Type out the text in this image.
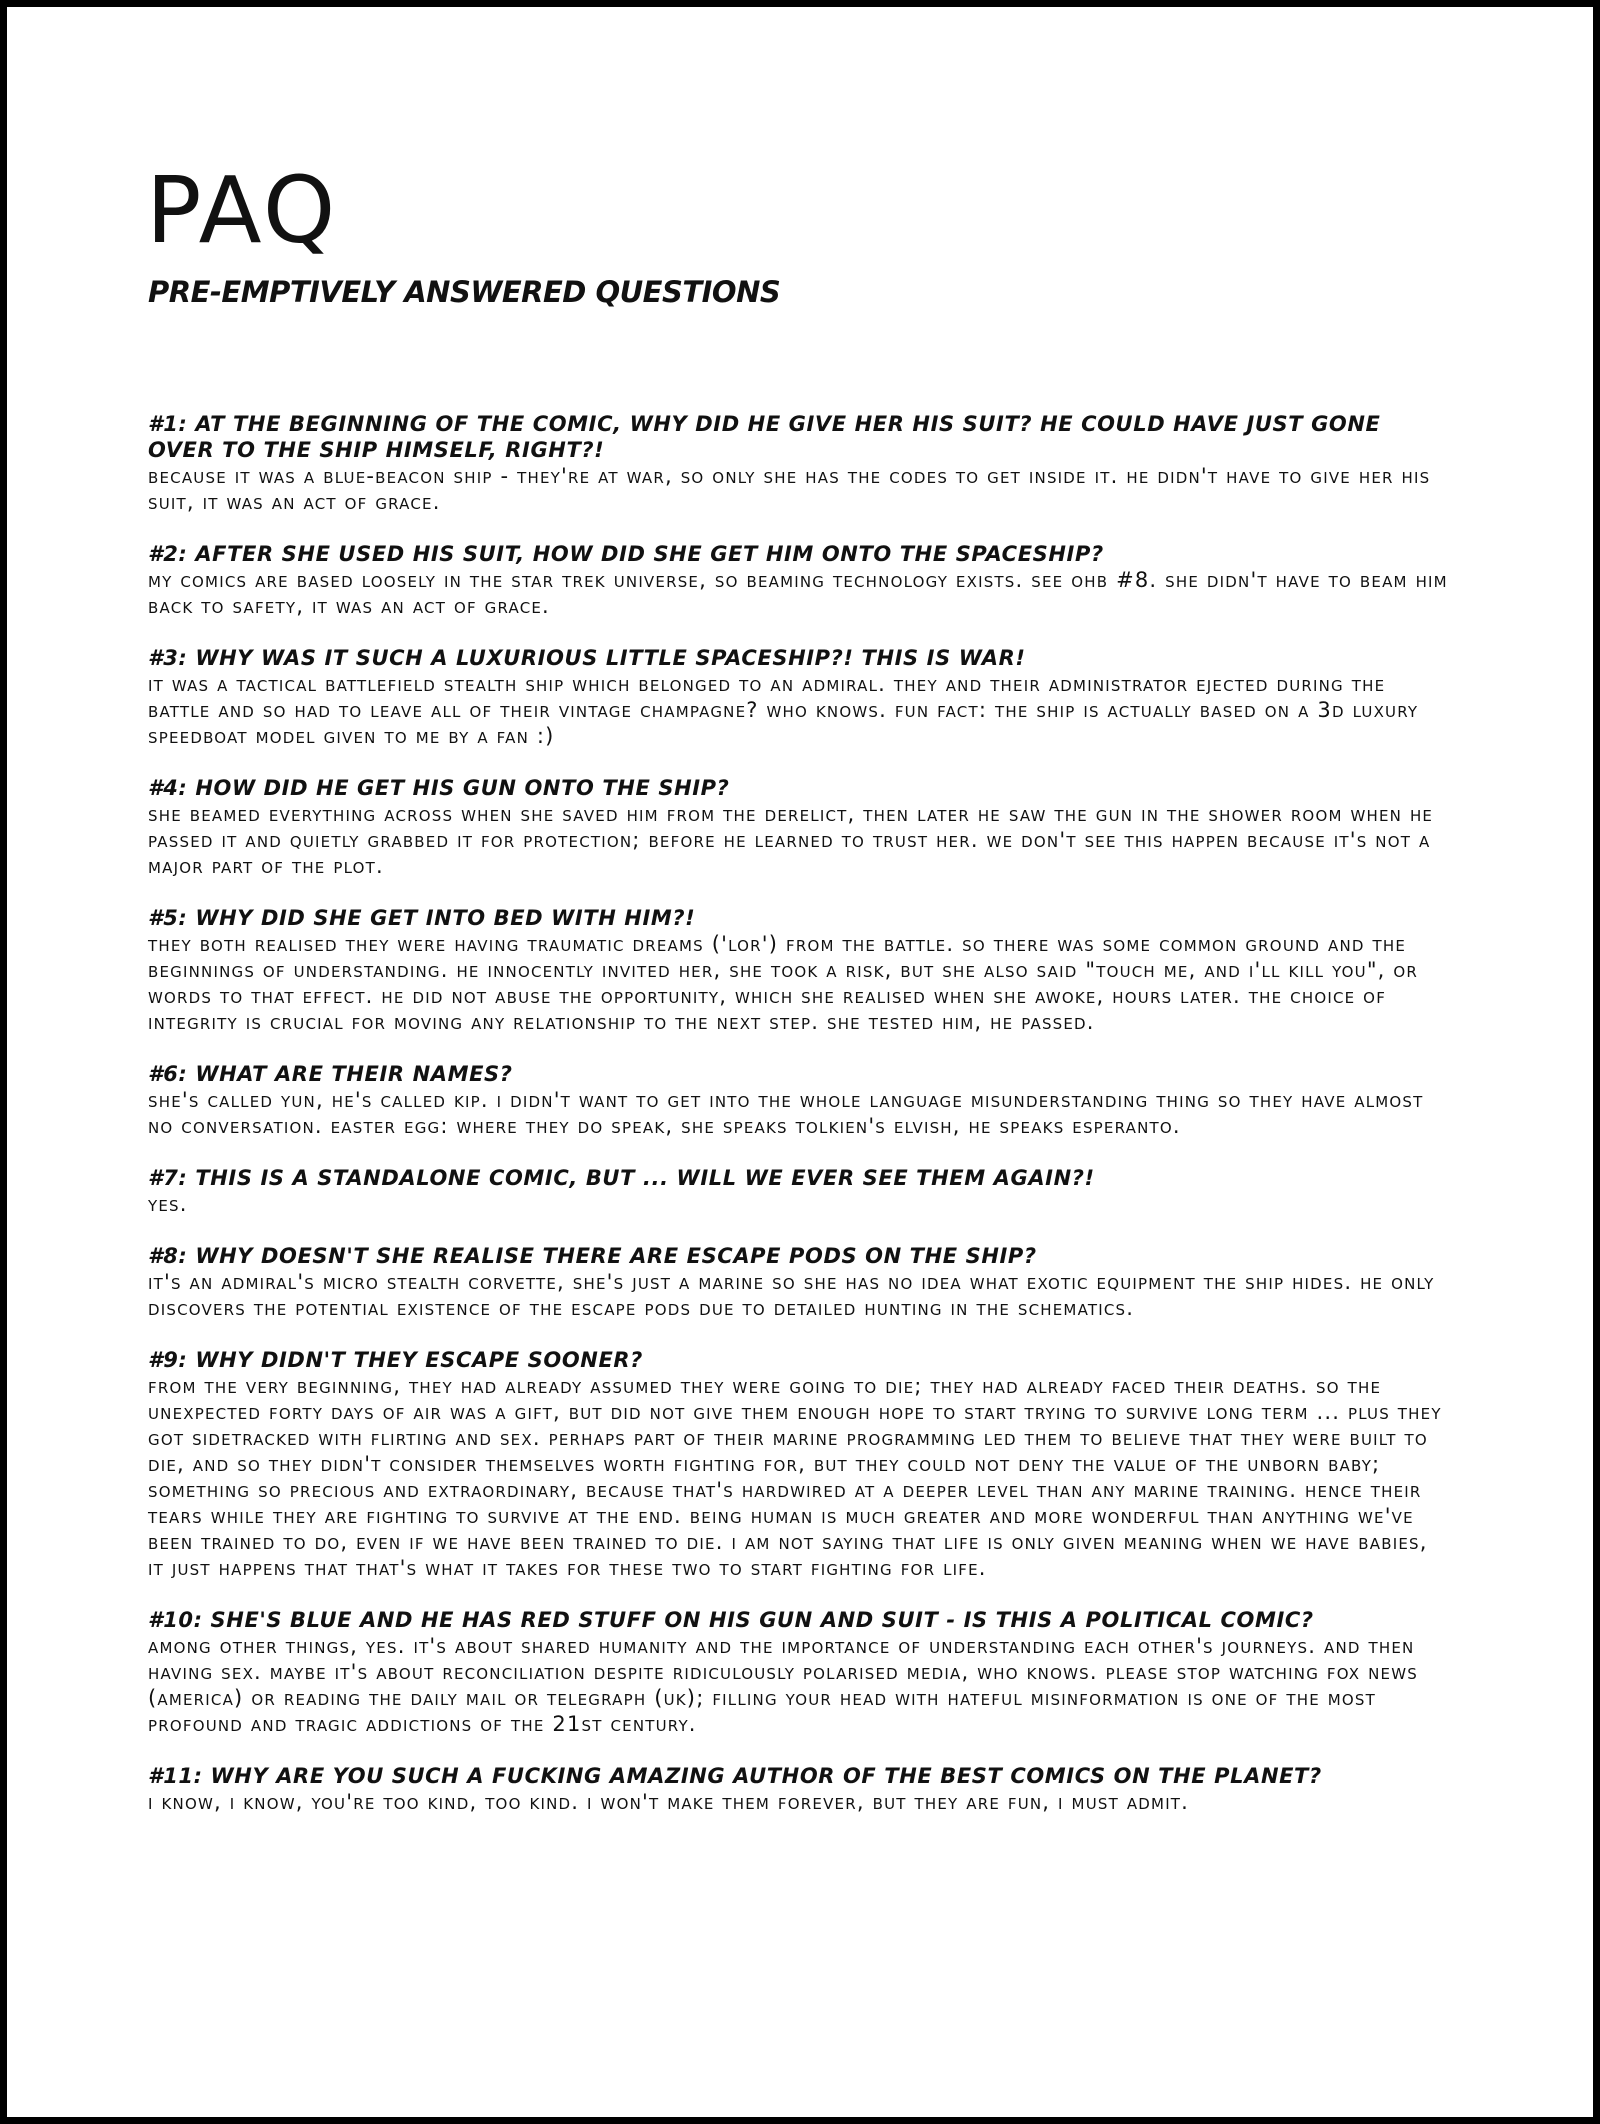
PAQ
PRE-EMPTIVELY ANSWERED QUESTIONS
#1: AT THE BEGINNING OF THE COMIC, WHY DID HE GIVE HER HIS SUIT? HE COULD HAVE JUST GONE OVER TO THE SHIP HIMSELF, RIGHT?!
because it was a blue-beacon ship - they're at war, so only she has the codes to get inside it. he didn't have to give her his suit, it was an act of grace.
#2: AFTER SHE USED HIS SUIT, HOW DID SHE GET HIM ONTO THE SPACESHIP?
my comics are based loosely in the star trek universe, so beaming technology exists. see ohb #8. she didn't have to beam him back to safety, it was an act of grace.
#3: WHY WAS IT SUCH A LUXURIOUS LITTLE SPACESHIP?! THIS IS WAR!
it was a tactical battlefield stealth ship which belonged to an admiral. they and their administrator ejected during the battle and so had to leave all of their vintage champagne? who knows. fun fact: the ship is actually based on a 3d luxury speedboat model given to me by a fan :)
#4: HOW DID HE GET HIS GUN ONTO THE SHIP?
she beamed everything across when she saved him from the derelict, then later he saw the gun in the shower room when he passed it and quietly grabbed it for protection; before he learned to trust her. we don't see this happen because it's not a major part of the plot.
#5: WHY DID SHE GET INTO BED WITH HIM?!
they both realised they were having traumatic dreams ('lor') from the battle. so there was some common ground and the beginnings of understanding. he innocently invited her, she took a risk, but she also said "touch me, and i'll kill you", or words to that effect. he did not abuse the opportunity, which she realised when she awoke, hours later. the choice of integrity is crucial for moving any relationship to the next step. she tested him, he passed.
#6: WHAT ARE THEIR NAMES?
she's called yun, he's called kip. i didn't want to get into the whole language misunderstanding thing so they have almost no conversation. easter egg: where they do speak, she speaks tolkien's elvish, he speaks esperanto.
#7: THIS IS A STANDALONE COMIC, BUT ... WILL WE EVER SEE THEM AGAIN?!
yes.
#8: WHY DOESN'T SHE REALISE THERE ARE ESCAPE PODS ON THE SHIP?
it's an admiral's micro stealth corvette, she's just a marine so she has no idea what exotic equipment the ship hides. he only discovers the potential existence of the escape pods due to detailed hunting in the schematics.
#9: WHY DIDN'T THEY ESCAPE SOONER?
from the very beginning, they had already assumed they were going to die; they had already faced their deaths. so the unexpected forty days of air was a gift, but did not give them enough hope to start trying to survive long term ... plus they got sidetracked with flirting and sex. perhaps part of their marine programming led them to believe that they were built to die, and so they didn't consider themselves worth fighting for, but they could not deny the value of the unborn baby; something so precious and extraordinary, because that's hardwired at a deeper level than any marine training. hence their tears while they are fighting to survive at the end. being human is much greater and more wonderful than anything we've been trained to do, even if we have been trained to die. i am not saying that life is only given meaning when we have babies, it just happens that that's what it takes for these two to start fighting for life.
#10: SHE'S BLUE AND HE HAS RED STUFF ON HIS GUN AND SUIT - IS THIS A POLITICAL COMIC?
among other things, yes. it's about shared humanity and the importance of understanding each other's journeys. and then having sex. maybe it's about reconciliation despite ridiculously polarised media, who knows. please stop watching fox news (america) or reading the daily mail or telegraph (uk); filling your head with hateful misinformation is one of the most profound and tragic addictions of the 21st century.
#11: WHY ARE YOU SUCH A FUCKING AMAZING AUTHOR OF THE BEST COMICS ON THE PLANET?
i know, i know, you're too kind, too kind. i won't make them forever, but they are fun, i must admit.
